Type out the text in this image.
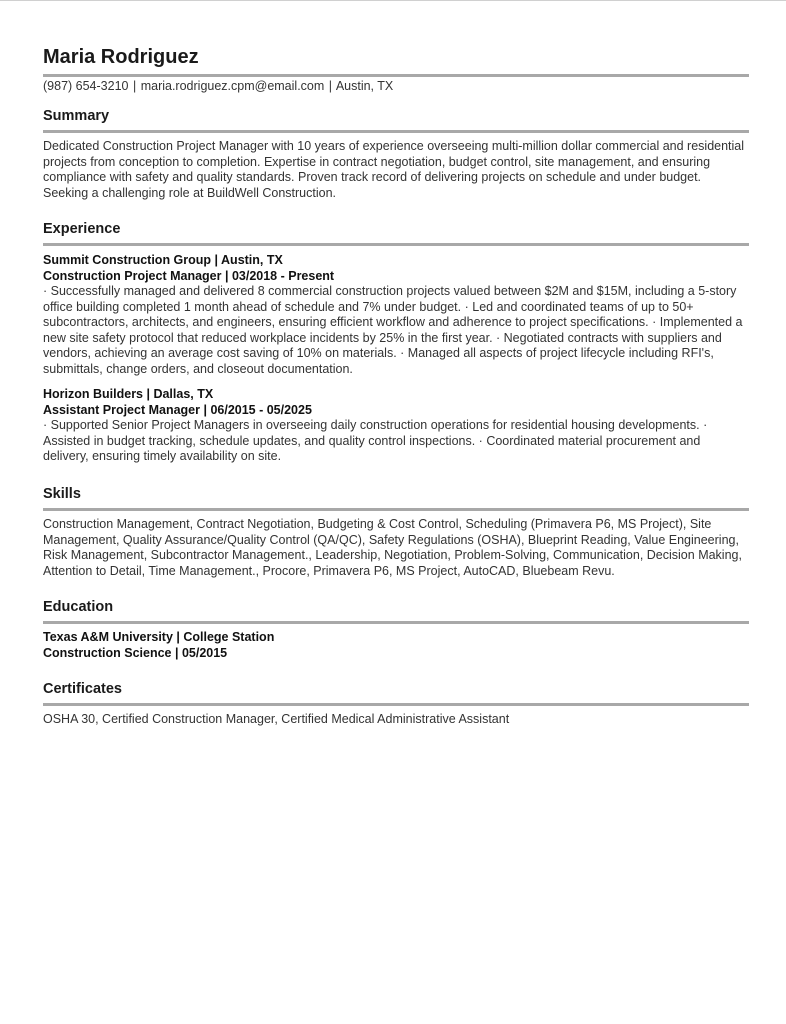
Maria Rodriguez
(987) 654-3210 | maria.rodriguez.cpm@email.com | Austin, TX
Summary
Dedicated Construction Project Manager with 10 years of experience overseeing multi-million dollar commercial and residential projects from conception to completion. Expertise in contract negotiation, budget control, site management, and ensuring compliance with safety and quality standards. Proven track record of delivering projects on schedule and under budget. Seeking a challenging role at BuildWell Construction.
Experience
Summit Construction Group | Austin, TX
Construction Project Manager | 03/2018 - Present
· Successfully managed and delivered 8 commercial construction projects valued between $2M and $15M, including a 5-story office building completed 1 month ahead of schedule and 7% under budget. · Led and coordinated teams of up to 50+ subcontractors, architects, and engineers, ensuring efficient workflow and adherence to project specifications. · Implemented a new site safety protocol that reduced workplace incidents by 25% in the first year. · Negotiated contracts with suppliers and vendors, achieving an average cost saving of 10% on materials. · Managed all aspects of project lifecycle including RFI's, submittals, change orders, and closeout documentation.
Horizon Builders | Dallas, TX
Assistant Project Manager | 06/2015 - 05/2025
· Supported Senior Project Managers in overseeing daily construction operations for residential housing developments. · Assisted in budget tracking, schedule updates, and quality control inspections. · Coordinated material procurement and delivery, ensuring timely availability on site.
Skills
Construction Management, Contract Negotiation, Budgeting & Cost Control, Scheduling (Primavera P6, MS Project), Site Management, Quality Assurance/Quality Control (QA/QC), Safety Regulations (OSHA), Blueprint Reading, Value Engineering, Risk Management, Subcontractor Management., Leadership, Negotiation, Problem-Solving, Communication, Decision Making, Attention to Detail, Time Management., Procore, Primavera P6, MS Project, AutoCAD, Bluebeam Revu.
Education
Texas A&M University | College Station
Construction Science | 05/2015
Certificates
OSHA 30, Certified Construction Manager, Certified Medical Administrative Assistant
